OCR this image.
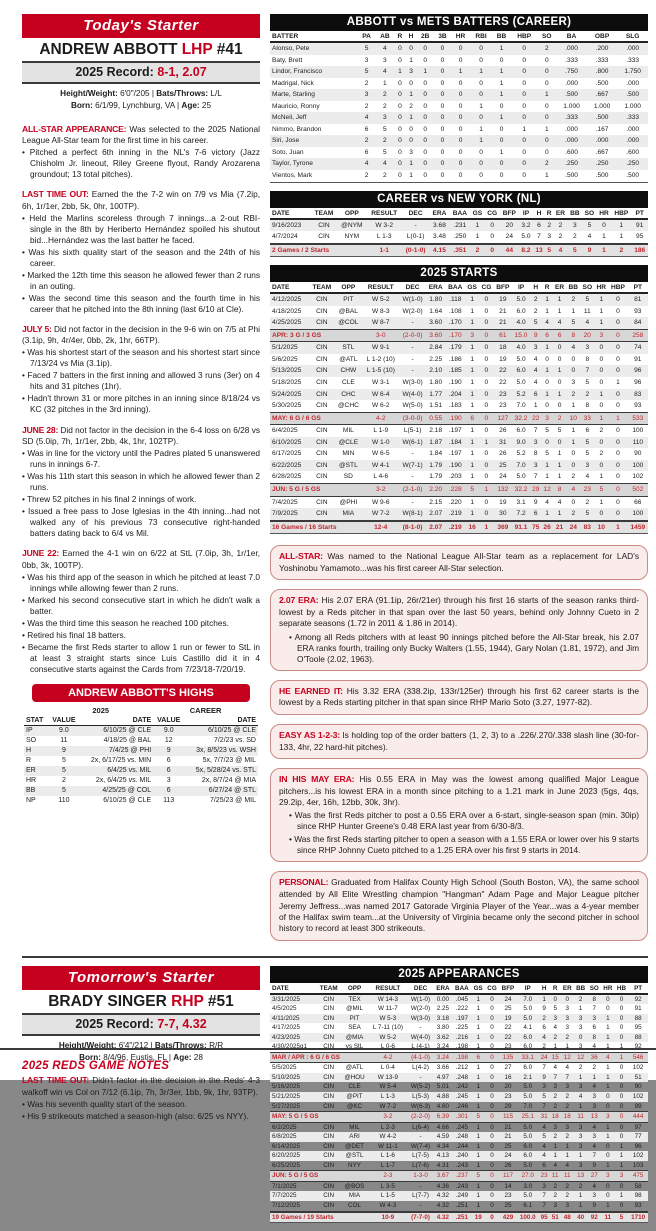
Today's Starter
ANDREW ABBOTT LHP #41
2025 Record: 8-1, 2.07
Height/Weight: 6'0"/205 | Bats/Throws: L/L
Born: 6/1/99, Lynchburg, VA | Age: 25

ALL-STAR APPEARANCE: Was selected to the 2025 National League All-Star team for the first time in his career.

• Pitched a perfect 6th inning in the NL's 7-6 victory (Jazz Chisholm Jr. lineout, Riley Greene flyout, Randy Arozarena groundout; 13 total pitches).

LAST TIME OUT: Earned the the 7-2 win on 7/9 vs Mia (7.2ip, 6h, 1r/1er, 2bb, 5k, 0hr, 100TP).

• Held the Marlins scoreless through 7 innings...a 2-out RBI-single in the 8th by Heriberto Hernández spoiled his shutout bid...Hernández was the last batter he faced.
• Was his sixth quality start of the season and the 24th of his career.
• Marked the 12th time this season he allowed fewer than 2 runs in an outing.
• Was the second time this season and the fourth time in his career that he pitched into the 8th inning (last 6/10 at Cle).

JULY 5: Did not factor in the decision in the 9-6 win on 7/5 at Phi (3.1ip, 9h, 4r/4er, 0bb, 2k, 1hr, 66TP).

• Was his shortest start of the season and his shortest start since 7/13/24 vs Mia (3.1ip).
• Faced 7 batters in the first inning and allowed 3 runs (3er) on 4 hits and 31 pitches (1hr).
• Hadn't thrown 31 or more pitches in an inning since 8/18/24 vs KC (32 pitches in the 3rd inning).

JUNE 28: Did not factor in the decision in the 6-4 loss on 6/28 vs SD (5.0ip, 7h, 1r/1er, 2bb, 4k, 1hr, 102TP).

• Was in line for the victory until the Padres plated 5 unanswered runs in innings 6-7.
• Was his 11th start this season in which he allowed fewer than 2 runs.
• Threw 52 pitches in his final 2 innings of work.
• Issued a free pass to Jose Iglesias in the 4th inning...had not walked any of his previous 73 consecutive right-handed batters dating back to 6/4 vs Mil.

JUNE 22: Earned the 4-1 win on 6/22 at StL (7.0ip, 3h, 1r/1er, 0bb, 3k, 100TP).

• Was his third app of the season in which he pitched at least 7.0 innings while allowing fewer than 2 runs.
• Marked his second consecutive start in which he didn't walk a batter.
• Was the third time this season he reached 100 pitches.
• Retired his final 18 batters.
• Became the first Reds starter to allow 1 run or fewer to StL in at least 3 straight starts since Luis Castillo did it in 4 consecutive starts against the Cards from 7/23/18-7/20/19.
ANDREW ABBOTT'S HIGHS
	2025		CAREER	
STAT	VALUE	DATE	VALUE	DATE
IP	9.0	6/10/25 @ CLE	9.0	6/10/25 @ CLE
SO	11	4/18/25 @ BAL	12	7/2/23 vs. SD
H	9	7/4/25 @ PHI	9	3x, 8/5/23 vs. WSH
R	5	2x, 6/17/25 vs. MIN	6	5x, 7/7/23 @ MIL
ER	5	6/4/25 vs. MIL	6	5x, 5/28/24 vs. STL
HR	2	2x, 6/4/25 vs. MIL	3	2x, 8/7/24 @ MIA
BB	5	4/25/25 @ COL	6	6/27/24 @ STL
NP	110	6/10/25 @ CLE	113	7/25/23 @ MIL
ABBOTT vs METS BATTERS (CAREER)
BATTER	PA	AB	R	H	2B	3B	HR	RBI	BB	HBP	SO	BA	OBP	SLG
Alonso, Pete	5	4	0	0	0	0	0	0	1	0	2	.000	.200	.000
Baty, Brett	3	3	0	1	0	0	0	0	0	0	0	.333	.333	.333
Lindor, Francisco	5	4	1	3	1	0	1	1	1	0	0	.750	.800	1.750
Madrigal, Nick	2	1	0	0	0	0	0	0	1	0	0	.000	.500	.000
Marte, Starling	3	2	0	1	0	0	0	0	1	0	1	.500	.667	.500
Mauricio, Ronny	2	2	0	2	0	0	0	1	0	0	0	1.000	1.000	1.000
McNeil, Jeff	4	3	0	1	0	0	0	0	1	0	0	.333	.500	.333
Nimmo, Brandon	6	5	0	0	0	0	0	1	0	1	1	.000	.167	.000
Siri, Jose	2	2	0	0	0	0	0	1	0	0	0	.000	.000	.000
Soto, Juan	6	5	0	3	0	0	0	0	1	0	0	.600	.667	.600
Taylor, Tyrone	4	4	0	1	0	0	0	0	0	0	2	.250	.250	.250
Vientos, Mark	2	2	0	1	0	0	0	0	0	0	1	.500	.500	.500
CAREER vs NEW YORK (NL)
DATE	TEAM	OPP	RESULT	DEC	ERA	BAA	GS	CG	BFP	IP	H	R	ER	BB	SO	HR	HBP	PT
9/16/2023	CIN	@NYM	W 3-2	-	3.68	.231	1	0	20	3.2	6	2	2	3	5	0	1	91
4/7/2024	CIN	NYM	L 1-3	L(0-1)	3.48	.250	1	0	24	5.0	7	3	2	2	4	1	1	95
2 Games / 2 Starts			1-1	(0-1-0)	4.15	.351	2	0	44	8.2	13	5	4	5	9	1	2	186
2025 STARTS
DATE	TEAM	OPP	RESULT	DEC	ERA	BAA	GS	CG	BFP	IP	H	R	ER	BB	SO	HR	HBP	PT
4/12/2025	CIN	PIT	W 5-2	W(1-0)	1.80	.118	1	0	19	5.0	2	1	1	2	5	1	0	81
4/18/2025	CIN	@BAL	W 8-3	W(2-0)	1.64	.108	1	0	21	6.0	2	1	1	1	11	1	0	93
4/25/2025	CIN	@COL	W 8-7	-	3.60	.170	1	0	21	4.0	5	4	4	5	4	1	0	84
APR: 3 G / 3 GS			3-0	(2-0-0)	3.60	.170	3	0	61	15.0	9	6	6	8	20	3	0	258
5/1/2025	CIN	STL	W 9-1	-	2.84	.179	1	0	18	4.0	3	1	0	4	3	0	0	74
5/6/2025	CIN	@ATL	L 1-2 (10)	-	2.25	.186	1	0	19	5.0	4	0	0	0	8	0	0	91
5/13/2025	CIN	CHW	L 1-5 (10)	-	2.10	.185	1	0	22	6.0	4	1	1	0	7	0	0	96
5/18/2025	CIN	CLE	W 3-1	W(3-0)	1.80	.190	1	0	22	5.0	4	0	0	3	5	0	1	96
5/24/2025	CIN	CHC	W 6-4	W(4-0)	1.77	.204	1	0	23	5.2	6	1	1	2	2	1	0	83
5/30/2025	CIN	@CHC	W 6-2	W(5-0)	1.51	.183	1	0	23	7.0	1	0	0	1	8	0	0	93
MAY: 6 G / 6 GS			4-2	(3-0-0)	0.55	.190	6	0	127	32.2	22	3	2	10	33	1	1	533
6/4/2025	CIN	MIL	L 1-9	L(5-1)	2.18	.197	1	0	26	6.0	7	5	5	1	6	2	0	100
6/10/2025	CIN	@CLE	W 1-0	W(6-1)	1.87	.184	1	1	31	9.0	3	0	0	1	5	0	0	110
6/17/2025	CIN	MIN	W 6-5	-	1.84	.197	1	0	26	5.2	8	5	1	0	5	2	0	90
6/22/2025	CIN	@STL	W 4-1	W(7-1)	1.79	.190	1	0	25	7.0	3	1	1	0	3	0	0	100
6/28/2025	CIN	SD	L 4-6	-	1.79	.203	1	0	24	5.0	7	1	1	2	4	1	0	102
JUN: 5 G / 5 GS			3-2	(2-1-0)	2.20	.228	5	1	132	32.2	29	12	8	4	23	5	0	502
7/4/2025	CIN	@PHI	W 9-6	-	2.15	.220	1	0	19	3.1	9	4	4	0	2	1	0	66
7/9/2025	CIN	MIA	W 7-2	W(8-1)	2.07	.219	1	0	30	7.2	6	1	1	2	5	0	0	100
16 Games / 16 Starts			12-4	(8-1-0)	2.07	.219	16	1	369	91.1	75	26	21	24	83	10	1	1459

ALL-STAR: Was named to the National League All-Star team as a replacement for LAD's Yoshinobu Yamamoto...was his first career All-Star selection.

2.07 ERA: His 2.07 ERA (91.1ip, 26r/21er) through his first 16 starts of the season ranks third-lowest by a Reds pitcher in that span over the last 50 years, behind only Johnny Cueto in 2 separate seasons (1.72 in 2011 & 1.86 in 2014).

• Among all Reds pitchers with at least 90 innings pitched before the All-Star break, his 2.07 ERA ranks fourth, trailing only Bucky Walters (1.55, 1944), Gary Nolan (1.81, 1972), and Jim O'Toole (2.02, 1963).

HE EARNED IT: His 3.32 ERA (338.2ip, 133r/125er) through his first 62 career starts is the lowest by a Reds starting pitcher in that span since RHP Mario Soto (3.27, 1977-82).

EASY AS 1-2-3: Is holding top of the order batters (1, 2, 3) to a .226/.270/.338 slash line (30-for-133, 4hr, 22 hard-hit pitches).

IN HIS MAY ERA: His 0.55 ERA in May was the lowest among qualified Major League pitchers...is his lowest ERA in a month since pitching to a 1.21 mark in June 2023 (5gs, 4qs, 29.2ip, 4er, 16h, 12bb, 30k, 3hr).

• Was the first Reds pitcher to post a 0.55 ERA over a 6-start, single-season span (min. 30ip) since RHP Hunter Greene's 0.48 ERA last year from 6/30-8/3.
• Was the first Reds starting pitcher to open a season with a 1.55 ERA or lower over his 9 starts since RHP Johnny Cueto pitched to a 1.25 ERA over his first 9 starts in 2014.

PERSONAL: Graduated from Halifax County High School (South Boston, VA), the same school attended by All Elite Wrestling champion "Hangman" Adam Page and Major League pitcher Jeremy Jeffress...was named 2017 Gatorade Virginia Player of the Year...was a 4-year member of the Halifax swim team...at the University of Virginia became only the second pitcher in school history to record at least 300 strikeouts.

Tomorrow's Starter
BRADY SINGER RHP #51
2025 Record: 7-7, 4.32
Height/Weight: 6'4"/212 | Bats/Throws: R/R
Born: 8/4/96, Eustis, FL | Age: 28

LAST TIME OUT: Didn't factor in the decision in the Reds' 4-3 walkoff win vs Col on 7/12 (6.1ip, 7h, 3r/3er, 1bb, 9k, 1hr, 93TP).

• Was his seventh quality start of the season.
• His 9 strikeouts matched a season-high (also: 6/25 vs NYY).
2025 APPEARANCES
DATE	TEAM	OPP	RESULT	DEC	ERA	BAA	GS	CG	BFP	IP	H	R	ER	BB	SO	HR	HB	PT
3/31/2025	CIN	TEX	W 14-3	W(1-0)	0.00	.045	1	0	24	7.0	1	0	0	2	8	0	0	92
4/5/2025	CIN	@MIL	W 11-7	W(2-0)	2.25	.222	1	0	25	5.0	9	5	3	1	7	0	0	91
4/11/2025	CIN	PIT	W 5-3	W(3-0)	3.18	.197	1	0	19	5.0	2	3	3	3	3	1	0	88
4/17/2025	CIN	SEA	L 7-11 (10)	-	3.80	.225	1	0	22	4.1	6	4	3	3	6	1	0	95
4/23/2025	CIN	@MIA	W 5-2	W(4-0)	3.62	.216	1	0	22	6.0	4	2	2	0	8	1	0	88
4/30/2025g1	CIN	vs StL	L 0-6	L (4-1)	3.24	.198	1	0	23	6.0	2	1	1	3	4	1	1	92
MAR / APR : 6 G / 6 GS			4-2	(4-1-0)	3.24	.198	6	0	135	33.1	24	15	12	12	36	4	1	546
5/5/2025	CIN	@ATL	L 0-4	L(4-2)	3.66	.212	1	0	27	6.0	7	4	4	2	2	1	0	102
5/10/2025	CIN	@HOU	W 13-9	-	4.97	.248	1	0	16	2.1	9	7	7	1	1	1	0	51
5/16/2025	CIN	CLE	W 5-4	W(5-2)	5.01	.242	1	0	20	5.0	3	3	3	3	4	1	0	90
5/21/2025	CIN	@PIT	L 1-3	L(5-3)	4.88	.245	1	0	23	5.0	5	2	2	4	3	0	0	102
5/27/2025	CIN	@KC	W 7-2	W(6-3)	4.60	.246	1	0	29	7.0	7	2	2	1	3	0	0	99
MAY: 5 G / 5 GS			3-2	(2-2-0)	6.39	.301	5	0	115	25.1	31	18	18	11	13	3	0	444
6/2/2025	CIN	MIL	L 2-3	L(6-4)	4.66	.245	1	0	21	5.0	4	3	3	3	4	1	0	97
6/8/2025	CIN	ARI	W 4-2	-	4.59	.248	1	0	21	5.0	5	2	2	3	3	1	0	77
6/14/2025	CIN	@DET	W 11-1	W(7-4)	4.34	.244	1	0	25	6.0	4	1	1	3	4	0	1	96
6/20/2025	CIN	@STL	L 1-6	L(7-5)	4.13	.240	1	0	24	6.0	4	1	1	1	7	0	1	102
6/25/2025	CIN	NYY	L 1-7	L(7-6)	4.31	.243	1	0	26	5.0	6	4	4	3	9	1	1	103
JUN: 5 G / 5 GS			2-3	1-3-0	3.67	.237	5	0	117	27.0	23	11	11	13	27	3	3	475
7/1/2025	CIN	@BOS	L 3-5	-	4.36	.243	1	0	14	3.0	3	2	2	2	4	0	0	58
7/7/2025	CIN	MIA	L 1-5	L(7-7)	4.32	.249	1	0	23	5.0	7	2	2	1	3	0	1	98
7/12/2025	CIN	COL	W 4-3	-	4.32	.251	1	0	25	6.1	7	3	3	1	9	1	0	93
19 Games / 19 Starts			10-9	(7-7-0)	4.32	.251	19	0	429	100.0	95	51	48	40	92	11	5	1710
2025 REDS GAME NOTES
